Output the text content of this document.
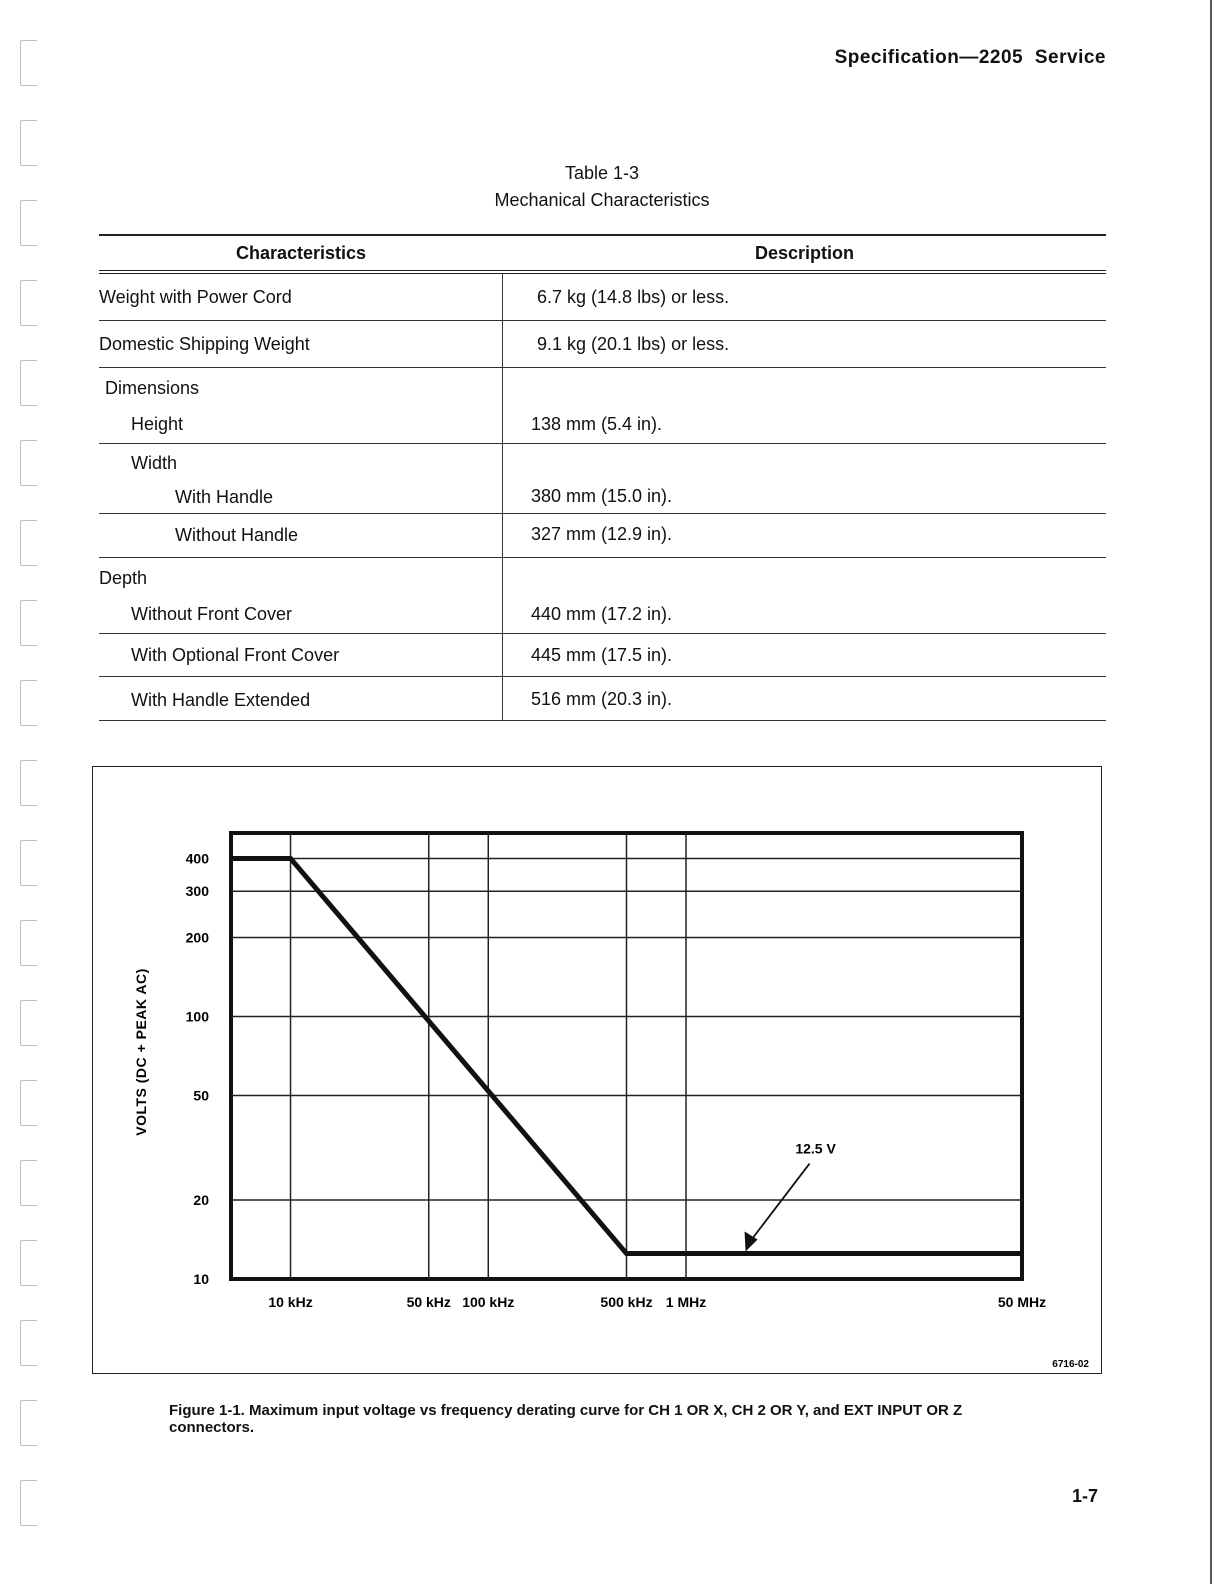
Specification—2205 Service
Table 1-3
Mechanical Characteristics
Characteristics	Description
Weight with Power Cord	6.7 kg (14.8 lbs) or less.
Domestic Shipping Weight	9.1 kg (20.1 lbs) or less.
Dimensions
Height	138 mm (5.4 in).
Width
With Handle	380 mm (15.0 in).
Without Handle	327 mm (12.9 in).
Depth
Without Front Cover	440 mm (17.2 in).
With Optional Front Cover	445 mm (17.5 in).
With Handle Extended	516 mm (20.3 in).
10 kHz	50 kHz 100 kHz	500 kHz 1 MHz	50 MHz
10
20
50
100
200
300
400
12.5 V
VOLTS (DC + PEAK AC)
6716-02
Figure 1-1. Maximum input voltage vs frequency derating curve for CH 1 OR X, CH 2 OR Y, and EXT INPUT OR Z connectors.
1-7
